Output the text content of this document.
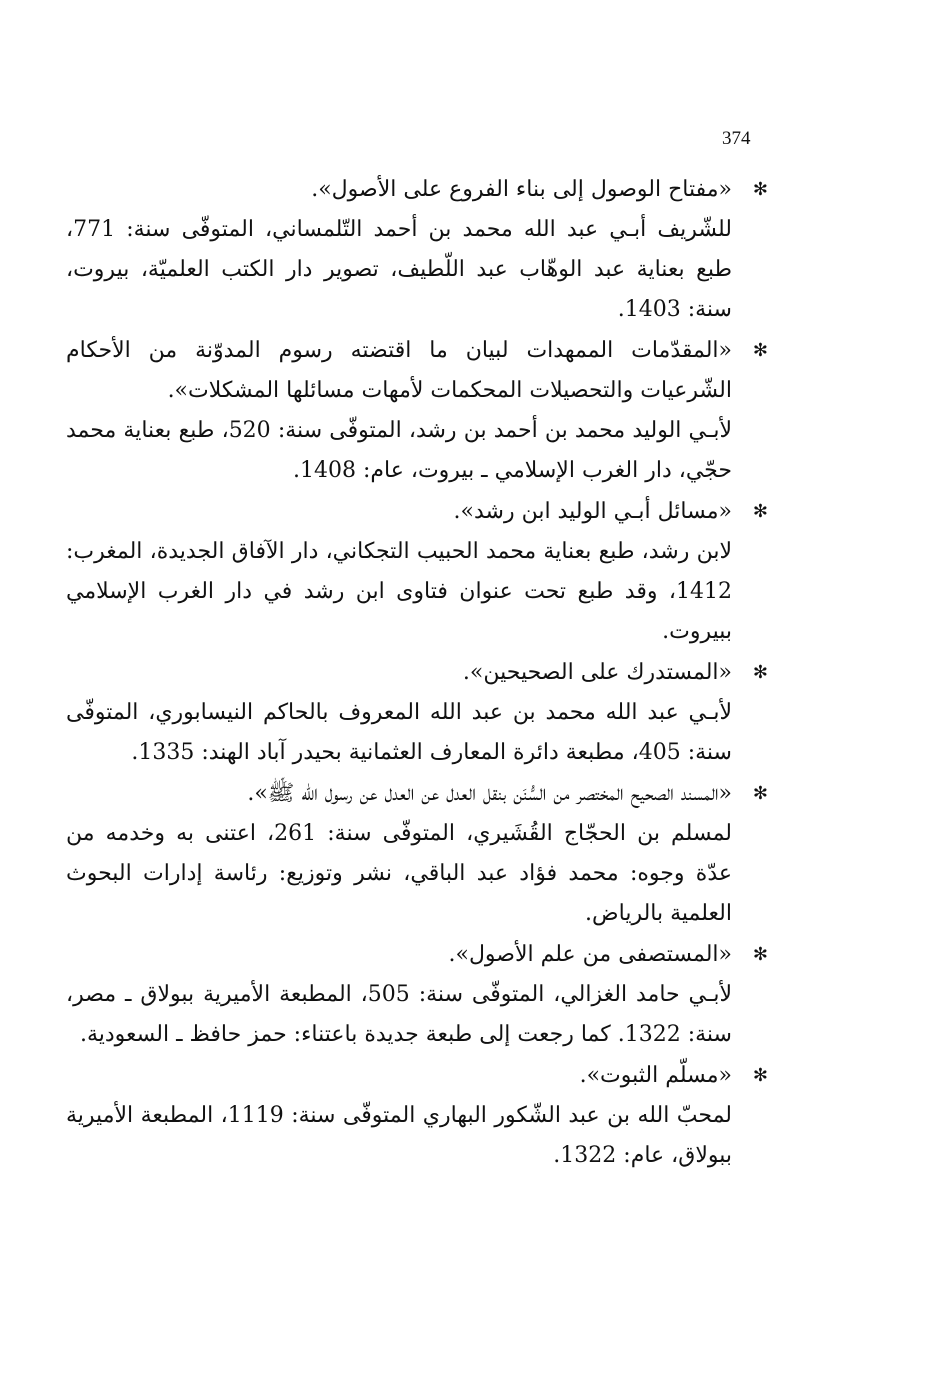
374
✻
«مفتاح الوصول إلى بناء الفروع على الأصول».
للشّريف أبـي عبد الله محمد بن أحمد التّلمساني، المتوفّى سنة: 771، طبع بعناية عبد الوهّاب عبد اللّطيف، تصوير دار الكتب العلميّة، بيروت، سنة: 1403.
✻
«المقدّمات الممهدات لبيان ما اقتضته رسوم المدوّنة من الأحكام الشّرعيات والتحصيلات المحكمات لأمهات مسائلها المشكلات».
لأبـي الوليد محمد بن أحمد بن رشد، المتوفّى سنة: 520، طبع بعناية محمد حجّي، دار الغرب الإسلامي ـ بيروت، عام: 1408.
✻
«مسائل أبـي الوليد ابن رشد».
لابن رشد، طبع بعناية محمد الحبيب التجكاني، دار الآفاق الجديدة، المغرب: 1412، وقد طبع تحت عنوان فتاوى ابن رشد في دار الغرب الإسلامي ببيروت.
✻
«المستدرك على الصحيحين».
لأبـي عبد الله محمد بن عبد الله المعروف بالحاكم النيسابوري، المتوفّى سنة: 405، مطبعة دائرة المعارف العثمانية بحيدر آباد الهند: 1335.
✻
«المسند الصحيح المختصر من السُّنَن بنقل العدل عن العدل عن رسول الله ﷺ».
لمسلم بن الحجّاج القُشَيري، المتوفّى سنة: 261، اعتنى به وخدمه من عدّة وجوه: محمد فؤاد عبد الباقي، نشر وتوزيع: رئاسة إدارات البحوث العلمية بالرياض.
✻
«المستصفى من علم الأصول».
لأبـي حامد الغزالي، المتوفّى سنة: 505، المطبعة الأميرية ببولاق ـ مصر، سنة: 1322. كما رجعت إلى طبعة جديدة باعتناء: حمز حافظ ـ السعودية.
✻
«مسلّم الثبوت».
لمحبّ الله بن عبد الشّكور البهاري المتوفّى سنة: 1119، المطبعة الأميرية ببولاق، عام: 1322.
